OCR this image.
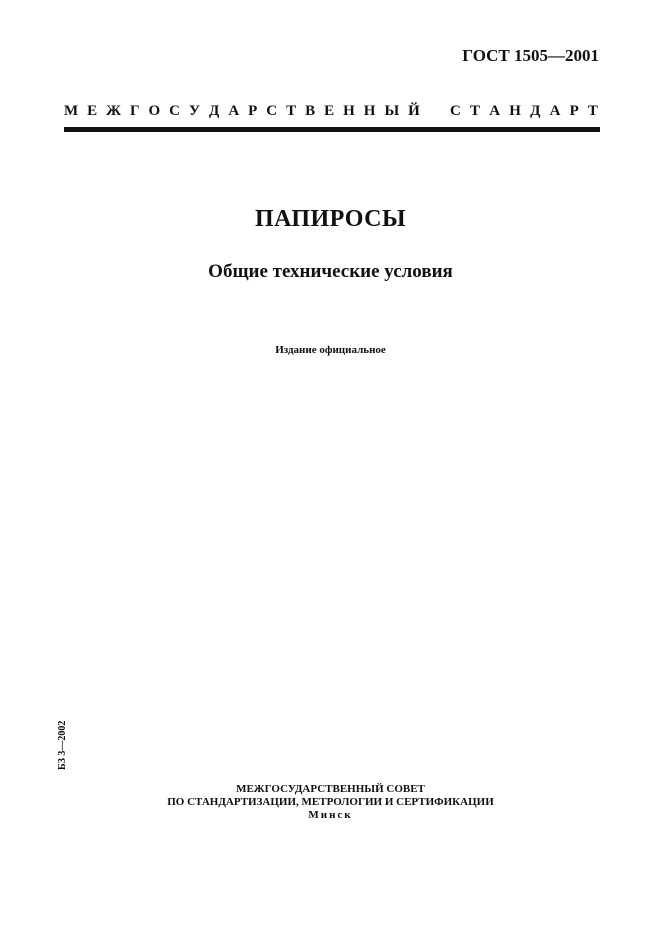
ГОСТ 1505—2001
М Е Ж Г О С У Д А Р С Т В Е Н Н Ы Й С Т А Н Д А Р Т
ПАПИРОСЫ
Общие технические условия
Издание официальное
БЗ 3—2002
МЕЖГОСУДАРСТВЕННЫЙ СОВЕТ
ПО СТАНДАРТИЗАЦИИ, МЕТРОЛОГИИ И СЕРТИФИКАЦИИ
Минск
